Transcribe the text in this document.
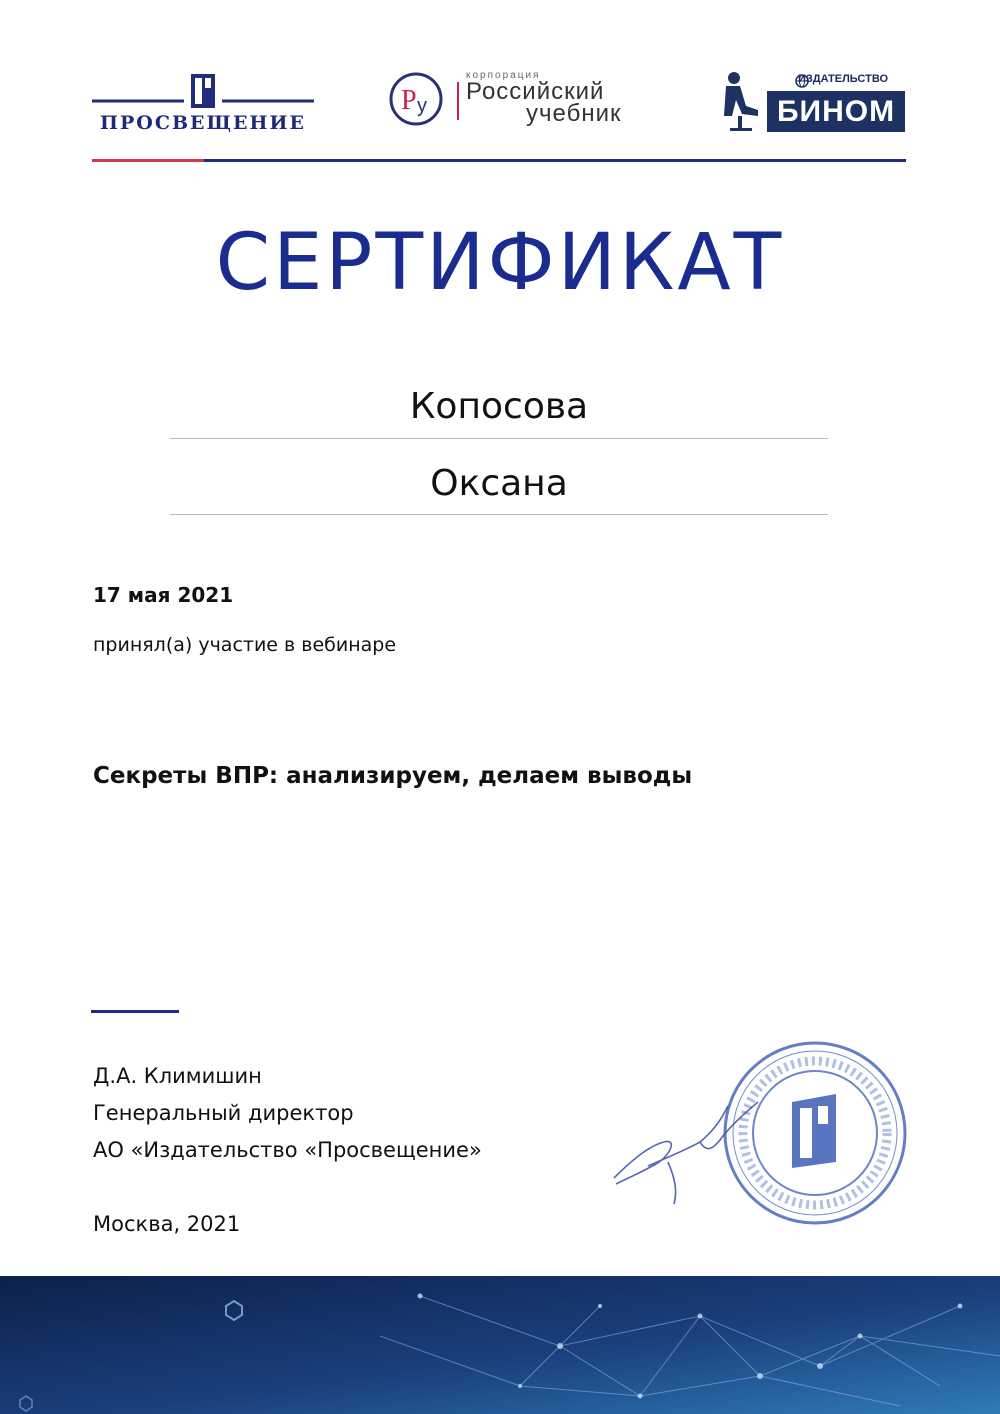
ПРОСВЕЩЕНИЕ
P y
корпорация
Российский
учебник
ИЗДАТЕЛЬСТВО
БИНОМ
СЕРТИФИКАТ
Копосова
Оксана
17 мая 2021
принял(а) участие в вебинаре
Секреты ВПР: анализируем, делаем выводы
Д.А. Климишин
Генеральный директор
АО «Издательство «Просвещение»
Москва, 2021
